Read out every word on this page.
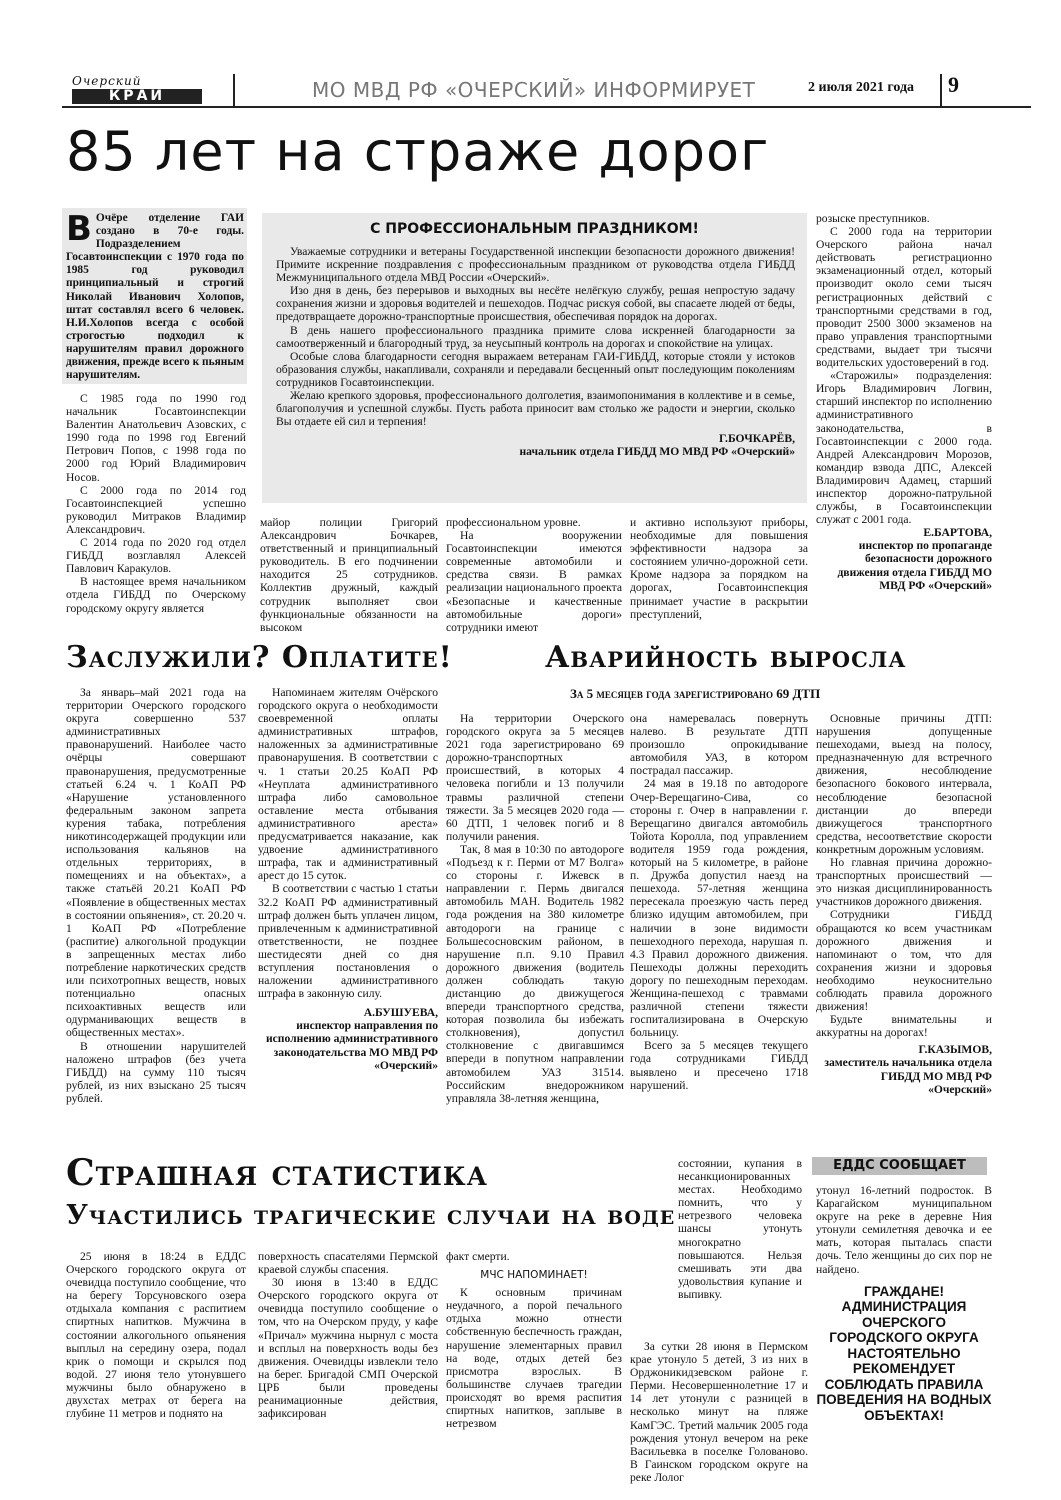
Очерский
КРАЙ	МО МВД РФ «ОЧЕРСКИЙ» ИНФОРМИРУЕТ	2 июля 2021 года 9
85 лет на страже дорог
В Очёре отделение ГАИ создано в 70-е годы. Подразделением Госавтоинспекции с 1970 года по 1985 год руководил принципиальный и строгий Николай Иванович Холопов, штат составлял всего 6 человек. Н.И.Холопов всегда с особой строгостью подходил к нарушителям правил дорожного движения, прежде всего к пьяным нарушителям.

С 1985 года по 1990 год начальник Госавтоинспекции Валентин Анатольевич Азовских, с 1990 года по 1998 год Евгений Петрович Попов, с 1998 года по 2000 год Юрий Владимирович Носов.

С 2000 года по 2014 год Госавтоинспекцией успешно руководил Митраков Владимир Александрович.

С 2014 года по 2020 год отдел ГИБДД возглавлял Алексей Павлович Каракулов.

В настоящее время начальником отдела ГИБДД по Очерскому городскому округу является

С ПРОФЕССИОНАЛЬНЫМ ПРАЗДНИКОМ!

Уважаемые сотрудники и ветераны Государственной инспекции безопасности дорожного движения! Примите искренние поздравления с профессиональным праздником от руководства отдела ГИБДД Межмуниципального отдела МВД России «Очерский».

Изо дня в день, без перерывов и выходных вы несёте нелёгкую службу, решая непростую задачу сохранения жизни и здоровья водителей и пешеходов. Подчас рискуя собой, вы спасаете людей от беды, предотвращаете дорожно-транспортные происшествия, обеспечивая порядок на дорогах.

В день нашего профессионального праздника примите слова искренней благодарности за самоотверженный и благородный труд, за неусыпный контроль на дорогах и спокойствие на улицах.

Особые слова благодарности сегодня выражаем ветеранам ГАИ-ГИБДД, которые стояли у истоков образования службы, накапливали, сохраняли и передавали бесценный опыт последующим поколениям сотрудников Госавтоинспекции.

Желаю крепкого здоровья, профессионального долголетия, взаимопонимания в коллективе и в семье, благополучия и успешной службы. Пусть работа приносит вам столько же радости и энергии, сколько Вы отдаете ей сил и терпения!

Г.БОЧКАРЁВ,

начальник отдела ГИБДД МО МВД РФ «Очерский»

майор полиции Григорий Александрович Бочкарев, ответственный и принципиальный руководитель. В его подчинении находится 25 сотрудников. Коллектив дружный, каждый сотрудник выполняет свои функциональные обязанности на высоком

профессиональном уровне.

На вооружении Госавтоинспекции имеются современные автомобили и средства связи. В рамках реализации национального проекта «Безопасные и качественные автомобильные дороги» сотрудники имеют

и активно используют приборы, необходимые для повышения эффективности надзора за состоянием улично-дорожной сети. Кроме надзора за порядком на дорогах, Госавтоинспекция принимает участие в раскрытии преступлений,

розыске преступников.

С 2000 года на территории Очерского района начал действовать регистрационно экзаменационный отдел, который производит около семи тысяч регистрационных действий с транспортными средствами в год, проводит 2500 3000 экзаменов на право управления транспортными средствами, выдает три тысячи водительских удостоверений в год.

«Старожилы» подразделения: Игорь Владимирович Логвин, старший инспектор по исполнению административного законодательства, в Госавтоинспекции с 2000 года. Андрей Александрович Морозов, командир взвода ДПС, Алексей Владимирович Адамец, старший инспектор дорожно-патрульной службы, в Госавтоинспекции служат с 2001 года.

Е.БАРТОВА,

инспектор по пропаганде безопасности дорожного движения отдела ГИБДД МО МВД РФ «Очерский»

Заслужили? Оплатите!

За январь–май 2021 года на территории Очерского городского округа совершенно 537 административных правонарушений. Наиболее часто очёрцы совершают правонарушения, предусмотренные статьей 6.24 ч. 1 КоАП РФ «Нарушение установленного федеральным законом запрета курения табака, потребления никотинсодержащей продукции или использования кальянов на отдельных территориях, в помещениях и на объектах», а также статьёй 20.21 КоАП РФ «Появление в общественных местах в состоянии опьянения», ст. 20.20 ч. 1 КоАП РФ «Потребление (распитие) алкогольной продукции в запрещенных местах либо потребление наркотических средств или психотропных веществ, новых потенциально опасных психоактивных веществ или одурманивающих веществ в общественных местах».

В отношении нарушителей наложено штрафов (без учета ГИБДД) на сумму 110 тысяч рублей, из них взыскано 25 тысяч рублей.

Напоминаем жителям Очёрского городского округа о необходимости своевременной оплаты административных штрафов, наложенных за административные правонарушения. В соответствии с ч. 1 статьи 20.25 КоАП РФ «Неуплата административного штрафа либо самовольное оставление места отбывания административного ареста» предусматривается наказание, как удвоение административного штрафа, так и административный арест до 15 суток.

В соответствии с частью 1 статьи 32.2 КоАП РФ административный штраф должен быть уплачен лицом, привлеченным к административной ответственности, не позднее шестидесяти дней со дня вступления постановления о наложении административного штрафа в законную силу.

А.БУШУЕВА,

инспектор направления по исполнению административного законодательства МО МВД РФ «Очерский»

Аварийность выросла
За 5 месяцев года зарегистрировано 69 ДТП

На территории Очерского городского округа за 5 месяцев 2021 года зарегистрировано 69 дорожно-транспортных происшествий, в которых 4 человека погибли и 13 получили травмы различной степени тяжести. За 5 месяцев 2020 года — 60 ДТП, 1 человек погиб и 8 получили ранения.

Так, 8 мая в 10:30 по автодороге «Подъезд к г. Перми от М7 Волга» со стороны г. Ижевск в направлении г. Пермь двигался автомобиль МАН. Водитель 1982 года рождения на 380 километре автодороги на границе с Большесосновским районом, в нарушение п.п. 9.10 Правил дорожного движения (водитель должен соблюдать такую дистанцию до движущегося впереди транспортного средства, которая позволила бы избежать столкновения), допустил столкновение с двигавшимся впереди в попутном направлении автомобилем УАЗ 31514. Российским внедорожником управляла 38-летняя женщина,

она намеревалась повернуть налево. В результате ДТП произошло опрокидывание автомобиля УАЗ, в котором пострадал пассажир.

24 мая в 19.18 по автодороге Очер-Верещагино-Сива, со стороны г. Очер в направлении г. Верещагино двигался автомобиль Тойота Королла, под управлением водителя 1959 года рождения, который на 5 километре, в районе п. Дружба допустил наезд на пешехода. 57-летняя женщина пересекала проезжую часть перед близко идущим автомобилем, при наличии в зоне видимости пешеходного перехода, нарушая п. 4.3 Правил дорожного движения. Пешеходы должны переходить дорогу по пешеходным переходам. Женщина-пешеход с травмами различной степени тяжести госпитализирована в Очерскую больницу.

Всего за 5 месяцев текущего года сотрудниками ГИБДД выявлено и пресечено 1718 нарушений.

Основные причины ДТП: нарушения допущенные пешеходами, выезд на полосу, предназначенную для встречного движения, несоблюдение безопасного бокового интервала, несоблюдение безопасной дистанции до впереди движущегося транспортного средства, несоответствие скорости конкретным дорожным условиям.

Но главная причина дорожно-транспортных происшествий — это низкая дисциплинированность участников дорожного движения.

Сотрудники ГИБДД обращаются ко всем участникам дорожного движения и напоминают о том, что для сохранения жизни и здоровья необходимо неукоснительно соблюдать правила дорожного движения!

Будьте внимательны и аккуратны на дорогах!

Г.КАЗЫМОВ,

заместитель начальника отдела ГИБДД МО МВД РФ «Очерский»

Страшная статистика
Участились трагические случаи на воде

25 июня в 18:24 в ЕДДС Очерского городского округа от очевидца поступило сообщение, что на берегу Торсуновского озера отдыхала компания с распитием спиртных напитков. Мужчина в состоянии алкогольного опьянения выплыл на середину озера, подал крик о помощи и скрылся под водой. 27 июня тело утонувшего мужчины было обнаружено в двухстах метрах от берега на глубине 11 метров и поднято на

поверхность спасателями Пермской краевой службы спасения.

30 июня в 13:40 в ЕДДС Очерского городского округа от очевидца поступило сообщение о том, что на Очерском пруду, у кафе «Причал» мужчина нырнул с моста и всплыл на поверхность воды без движения. Очевидцы извлекли тело на берег. Бригадой СМП Очерской ЦРБ были проведены реанимационные действия, зафиксирован

факт смерти.

МЧС НАПОМИНАЕТ!

К основным причинам неудачного, а порой печального отдыха можно отнести собственную беспечность граждан, нарушение элементарных правил на воде, отдых детей без присмотра взрослых. В большинстве случаев трагедии происходят во время распития спиртных напитков, заплыве в нетрезвом

состоянии, купания в несанкционированных местах. Необходимо помнить, что у нетрезвого человека шансы утонуть многократно повышаются. Нельзя смешивать эти два удовольствия купание и выпивку.

За сутки 28 июня в Пермском крае утонуло 5 детей, 3 из них в Орджоникидзевском районе г. Перми. Несовершеннолетние 17 и 14 лет утонули с разницей в несколько минут на пляже КамГЭС. Третий мальчик 2005 года рождения утонул вечером на реке Васильевка в поселке Голованово. В Гаинском городском округе на реке Лолог

ЕДДС СООБЩАЕТ

утонул 16-летний подросток. В Карагайском муниципальном округе на реке в деревне Ния утонули семилетняя девочка и ее мать, которая пыталась спасти дочь. Тело женщины до сих пор не найдено.

ГРАЖДАНЕ! АДМИНИСТРАЦИЯ ОЧЕРСКОГО ГОРОДСКОГО ОКРУГА НАСТОЯТЕЛЬНО РЕКОМЕНДУЕТ СОБЛЮДАТЬ ПРАВИЛА ПОВЕДЕНИЯ НА ВОДНЫХ ОБЪЕКТАХ!
